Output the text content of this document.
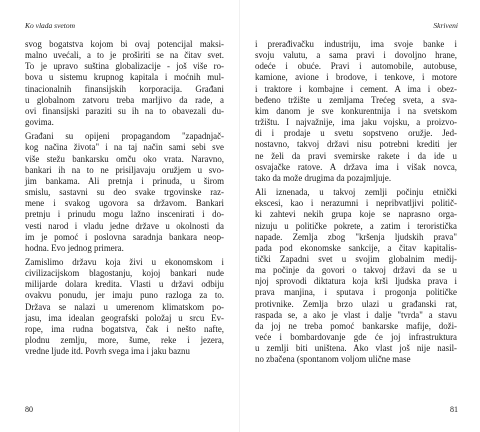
Ko vlada svetom

svog bogatstva kojom bi ovaj potencijal maksi-
malno uvećali, a to je proširiti se na čitav svet.
To je upravo suština globalizacije - još više ro-
bova u sistemu krupnog kapitala i moćnih mul-
tinacionalnih finansijskih korporacija. Građani
u globalnom zatvoru treba marljivo da rade, a
ovi finansijski paraziti su ih na to obavezali du-
govima.

Građani su opijeni propagandom "zapadnjač-
kog načina života" i na taj način sami sebi sve
više stežu bankarsku omču oko vrata. Naravno,
bankari ih na to ne prisiljavaju oružjem u svo-
jim bankama. Ali pretnja i prinuda, u širom
smislu, sastavni su deo svake trgovinske raz-
mene i svakog ugovora sa državom. Bankari
pretnju i prinudu mogu lažno inscenirati i do-
vesti narod i vladu jedne države u okolnosti da
im je pomoć i poslovna saradnja bankara neop-
hodna. Evo jednog primera.

Zamislimo državu koja živi u ekonomskom i
civilizacijskom blagostanju, kojoj bankari nude
milijarde dolara kredita. Vlasti u državi odbiju
ovakvu ponudu, jer imaju puno razloga za to.
Država se nalazi u umerenom klimatskom po-
jasu, ima idealan geografski položaj u srcu Ev-
rope, ima rudna bogatstva, čak i nešto nafte,
plodnu zemlju, more, šume, reke i jezera,
vredne ljude itd. Povrh svega ima i jaku baznu

80
Skriveni

i prerađivačku industriju, ima svoje banke i
svoju valutu, a sama pravi i dovoljno hrane,
odeće i obuće. Pravi i automobile, autobuse,
kamione, avione i brodove, i tenkove, i motore
i traktore i kombajne i cement. A ima i obez-
beđeno tržište u zemljama Trećeg sveta, a sva-
kim danom je sve konkurentnija i na svetskom
tržištu. I najvažnije, ima jaku vojsku, a proizvo-
di i prodaje u svetu sopstveno oružje. Jed-
nostavno, takvoj državi nisu potrebni krediti jer
ne želi da pravi svemirske rakete i da ide u
osvajačke ratove. A država ima i višak novca,
tako da može drugima da pozajmljuje.

Ali iznenada, u takvoj zemlji počinju etnički
ekscesi, kao i nerazumni i nepribvatljivi politič-
ki zahtevi nekih grupa koje se naprasno orga-
nizuju u političke pokrete, a zatim i teroristička
napade. Zemlja zbog "kršenja ljudskih prava"
pada pod ekonomske sankcije, a čitav kapitalis-
tički Zapadni svet u svojim globalnim medij-
ma počinje da govori o takvoj državi da se u
njoj sprovodi diktatura koja krši ljudska prava i
prava manjina, i sputava i progonja političke
protivnike. Zemlja brzo ulazi u građanski rat,
raspada se, a ako je vlast i dalje "tvrda" a stavu
da joj ne treba pomoć bankarske mafije, doži-
veće i bombardovanje gde će joj infrastruktura
u zemlji biti uništena. Ako vlast još nije nasil-
no zbačena (spontanom voljom ulične mase

81
